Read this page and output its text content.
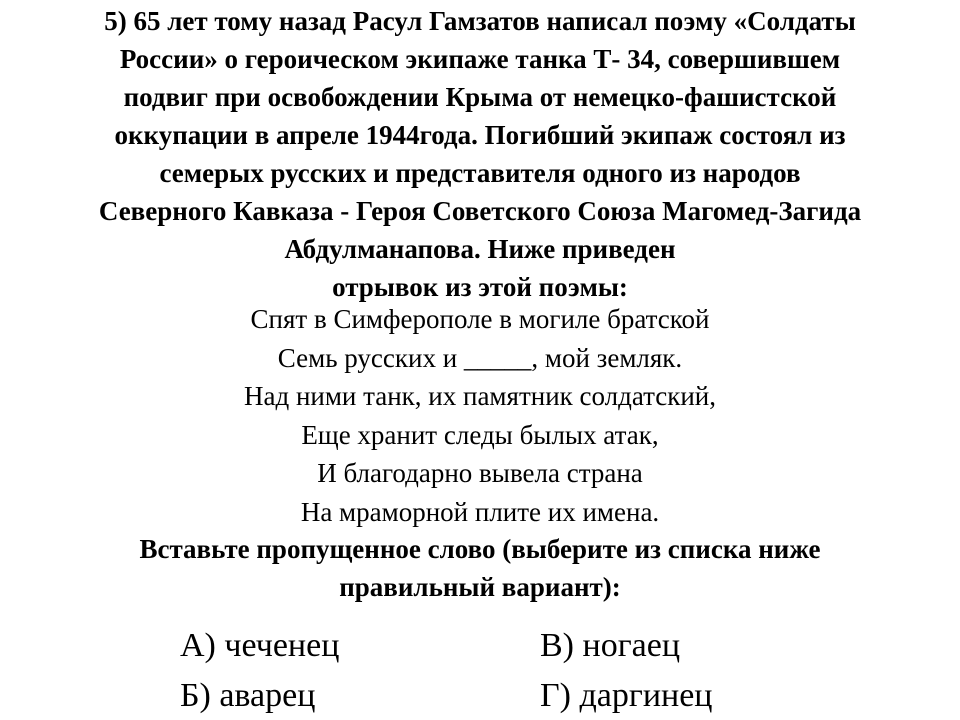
5) 65 лет тому назад Расул Гамзатов написал поэму «Солдаты
России» о героическом экипаже танка Т- 34, совершившем
подвиг при освобождении Крыма от немецко-фашистской
оккупации в апреле 1944года. Погибший экипаж состоял из
семерых русских и представителя одного из народов
Северного Кавказа - Героя Советского Союза Магомед-Загида
Абдулманапова. Ниже приведен
отрывок из этой поэмы:
Спят в Симферополе в могиле братской
Семь русских и _____, мой земляк.
Над ними танк, их памятник солдатский,
Еще хранит следы былых атак,
И благодарно вывела страна
На мраморной плите их имена.
Вставьте пропущенное слово (выберите из списка ниже
правильный вариант):
А) чеченец	В) ногаец
Б) аварец	Г) даргинец
